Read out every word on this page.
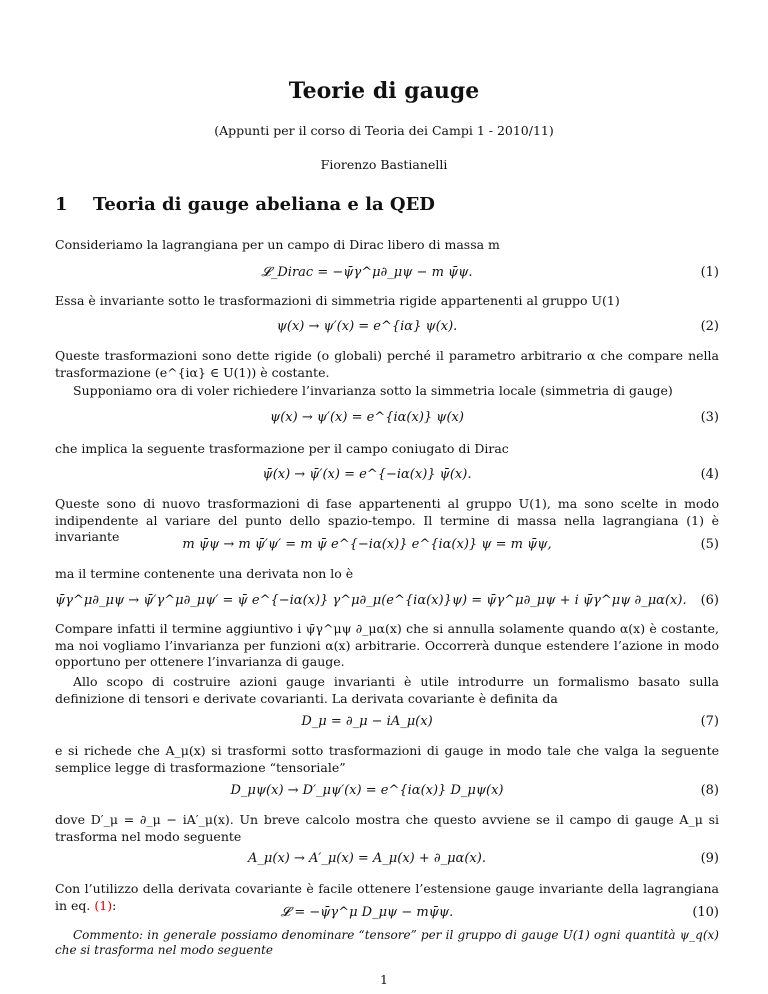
Teorie di gauge
(Appunti per il corso di Teoria dei Campi 1 - 2010/11)
Fiorenzo Bastianelli
1 Teoria di gauge abeliana e la QED

Consideriamo la lagrangiana per un campo di Dirac libero di massa m

𝓛_Dirac = −ψ̄γ^μ∂_μψ − m ψ̄ψ.	(1)

Essa è invariante sotto le trasformazioni di simmetria rigide appartenenti al gruppo U(1)

ψ(x) → ψ′(x) = e^{iα} ψ(x).	(2)

Queste trasformazioni sono dette rigide (o globali) perché il parametro arbitrario α che compare nella trasformazione (e^{iα} ∈ U(1)) è costante.

Supponiamo ora di voler richiedere l’invarianza sotto la simmetria locale (simmetria di gauge)

ψ(x) → ψ′(x) = e^{iα(x)} ψ(x)	(3)

che implica la seguente trasformazione per il campo coniugato di Dirac

ψ̄(x) → ψ̄′(x) = e^{−iα(x)} ψ̄(x).	(4)

Queste sono di nuovo trasformazioni di fase appartenenti al gruppo U(1), ma sono scelte in modo indipendente al variare del punto dello spazio-tempo. Il termine di massa nella lagrangiana (1) è invariante

m ψ̄ψ → m ψ̄′ψ′ = m ψ̄ e^{−iα(x)} e^{iα(x)} ψ = m ψ̄ψ,	(5)

ma il termine contenente una derivata non lo è

ψ̄γ^μ∂_μψ → ψ̄′γ^μ∂_μψ′ = ψ̄ e^{−iα(x)} γ^μ∂_μ(e^{iα(x)}ψ) = ψ̄γ^μ∂_μψ + i ψ̄γ^μψ ∂_μα(x). (6)

Compare infatti il termine aggiuntivo i ψ̄γ^μψ ∂_μα(x) che si annulla solamente quando α(x) è costante, ma noi vogliamo l’invarianza per funzioni α(x) arbitrarie. Occorrerà dunque estendere l’azione in modo opportuno per ottenere l’invarianza di gauge.

Allo scopo di costruire azioni gauge invarianti è utile introdurre un formalismo basato sulla definizione di tensori e derivate covarianti. La derivata covariante è definita da

D_μ = ∂_μ − iA_μ(x)	(7)

e si richede che A_μ(x) si trasformi sotto trasformazioni di gauge in modo tale che valga la seguente semplice legge di trasformazione “tensoriale”

D_μψ(x) → D′_μψ′(x) = e^{iα(x)} D_μψ(x)	(8)

dove D′_μ = ∂_μ − iA′_μ(x). Un breve calcolo mostra che questo avviene se il campo di gauge A_μ si trasforma nel modo seguente

A_μ(x) → A′_μ(x) = A_μ(x) + ∂_μα(x).	(9)

Con l’utilizzo della derivata covariante è facile ottenere l’estensione gauge invariante della lagrangiana in eq. (1):	𝓛 = −ψ̄γ^μ D_μψ − mψ̄ψ.	(10)

Commento: in generale possiamo denominare “tensore” per il gruppo di gauge U(1) ogni quantità ψ_q(x) che si trasforma nel modo seguente

1
